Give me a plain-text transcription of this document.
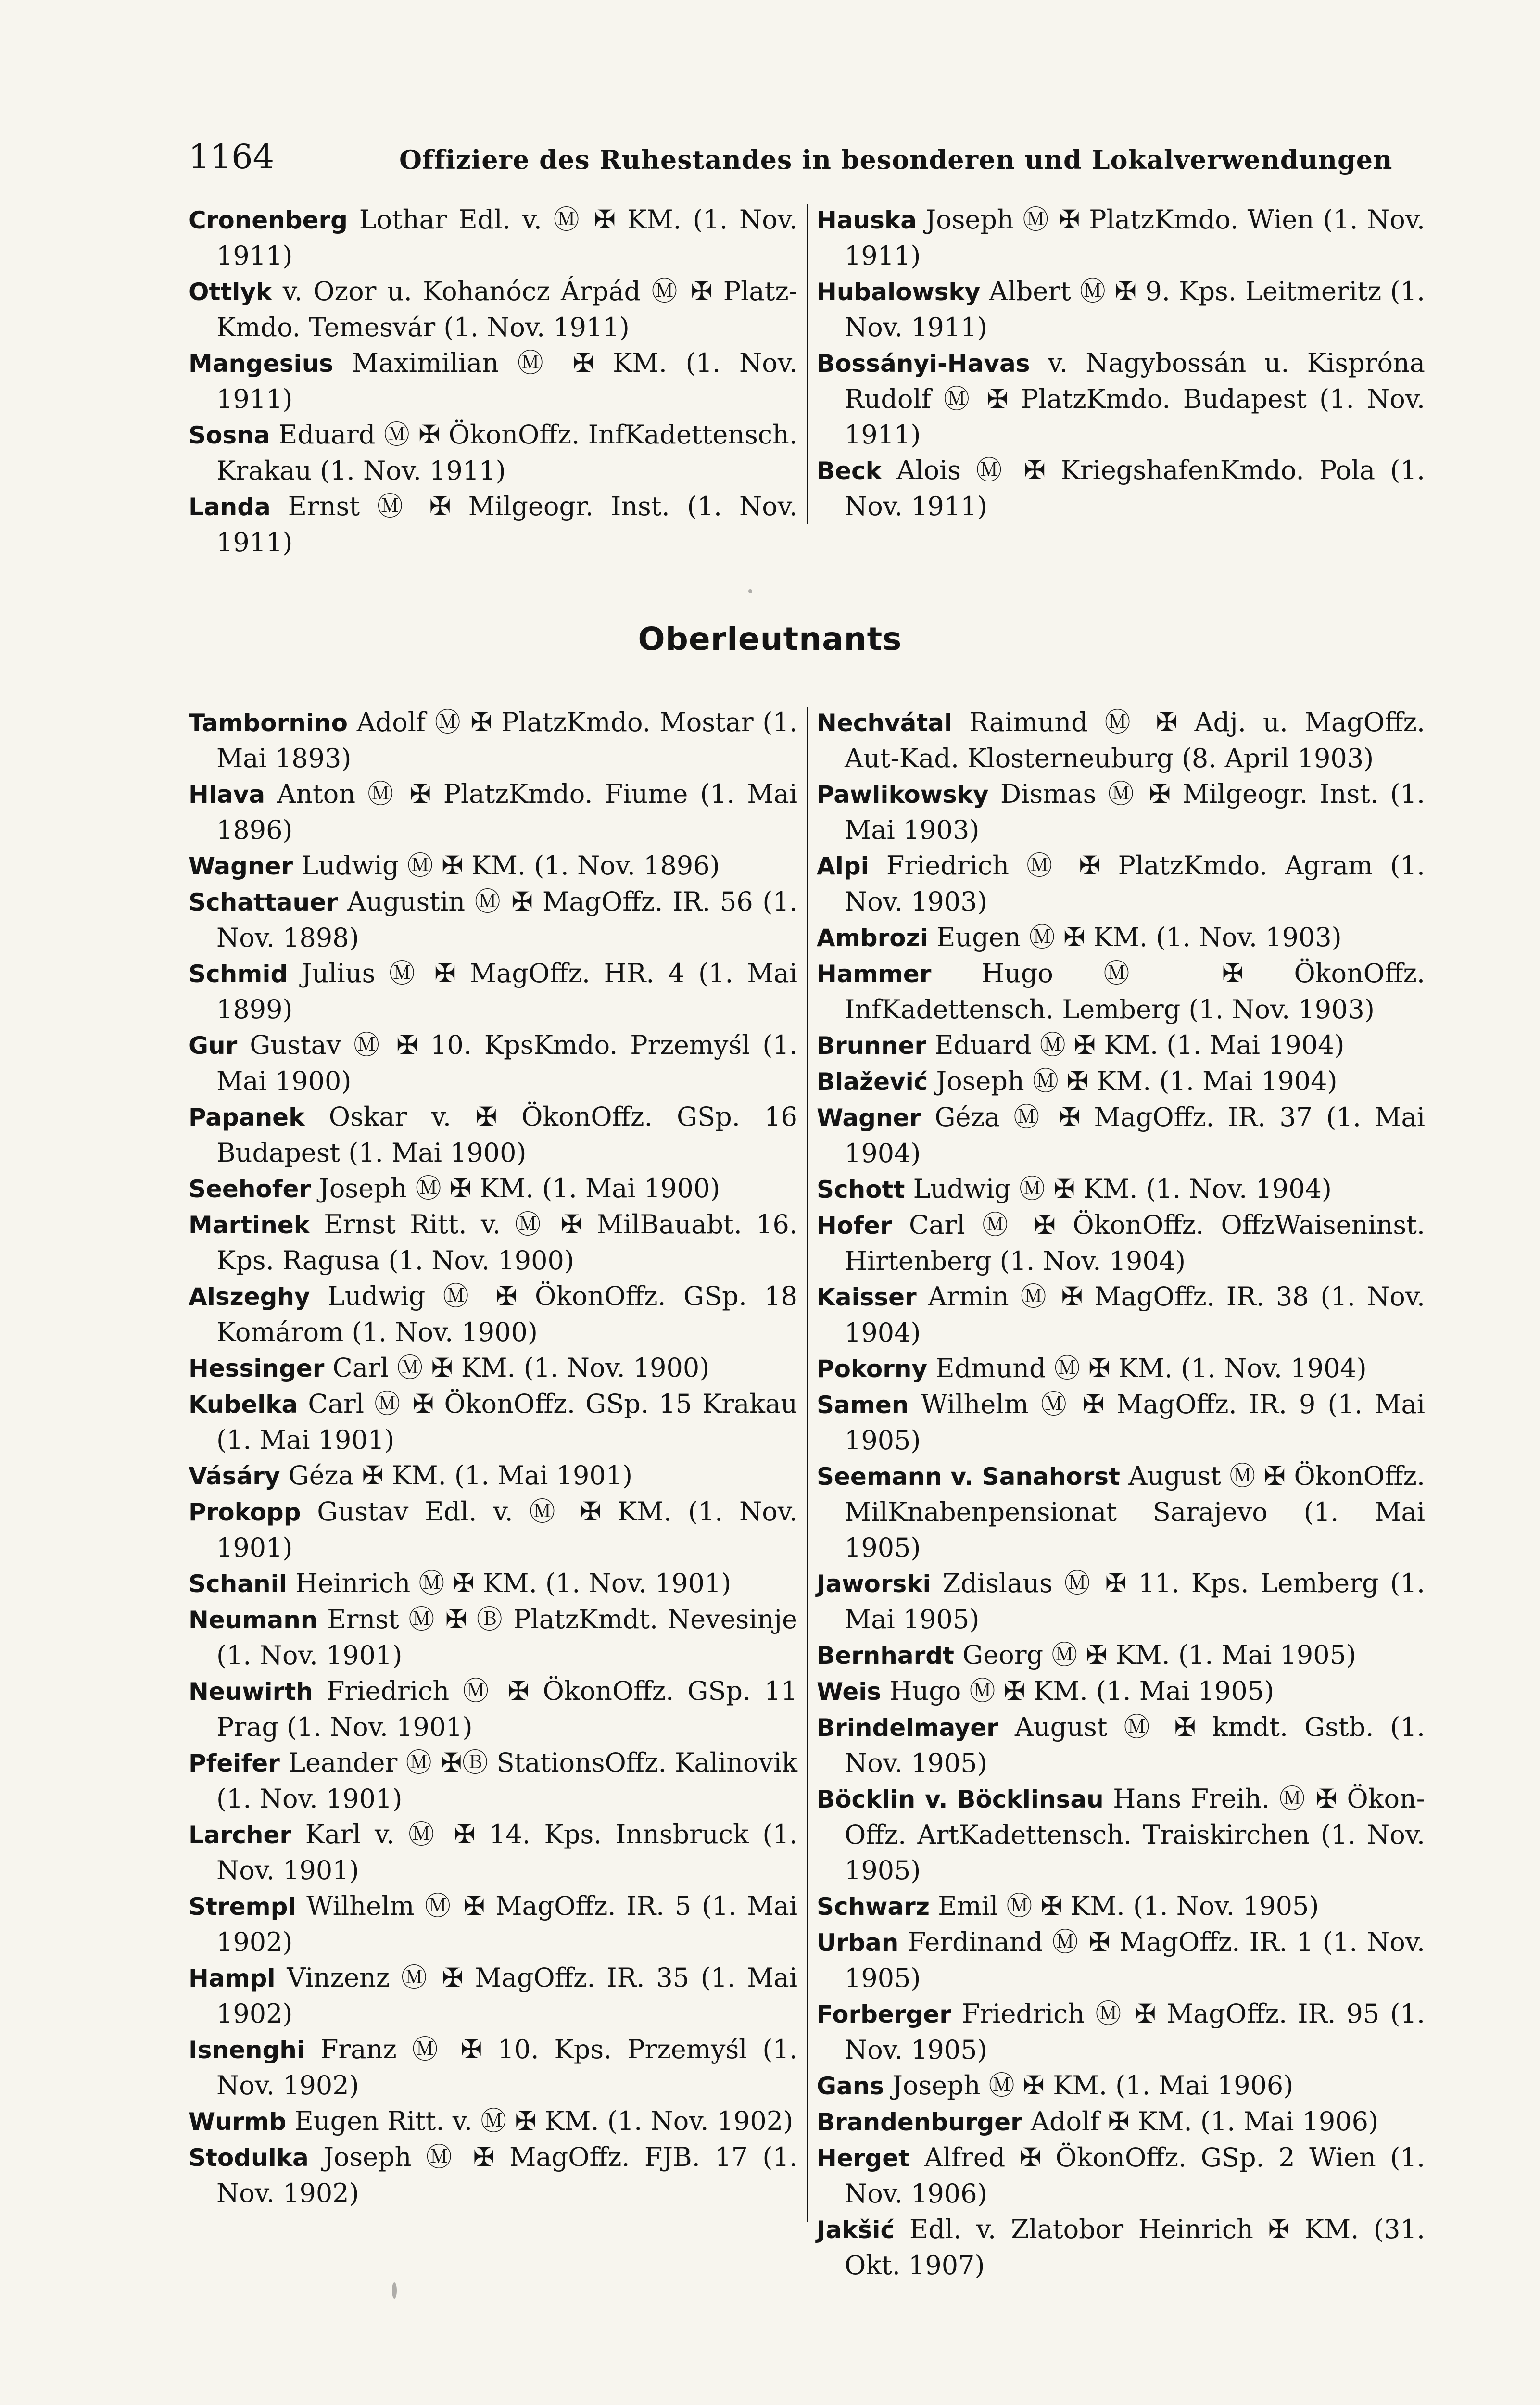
1164	Offiziere des Ruhestandes in besonderen und Lokalverwendungen
Cronenberg Lothar Edl. v. Ⓜ ✠ KM. (1. Nov. 1911)
Ottlyk v. Ozor u. Kohanócz Árpád Ⓜ ✠ Platz-Kmdo. Temesvár (1. Nov. 1911)
Mangesius Maximilian Ⓜ ✠ KM. (1. Nov. 1911)
Sosna Eduard Ⓜ ✠ ÖkonOffz. InfKadettensch. Krakau (1. Nov. 1911)
Landa Ernst Ⓜ ✠ Milgeogr. Inst. (1. Nov. 1911)
Hauska Joseph Ⓜ ✠ PlatzKmdo. Wien (1. Nov. 1911)
Hubalowsky Albert Ⓜ ✠ 9. Kps. Leitmeritz (1. Nov. 1911)
Bossányi-Havas v. Nagybossán u. Kisprόna Rudolf Ⓜ ✠ PlatzKmdo. Budapest (1. Nov. 1911)
Beck Alois Ⓜ ✠ KriegshafenKmdo. Pola (1. Nov. 1911)
Oberleutnants
Tambornino Adolf Ⓜ ✠ PlatzKmdo. Mostar (1. Mai 1893)
Hlava Anton Ⓜ ✠ PlatzKmdo. Fiume (1. Mai 1896)
Wagner Ludwig Ⓜ ✠ KM. (1. Nov. 1896)
Schattauer Augustin Ⓜ ✠ MagOffz. IR. 56 (1. Nov. 1898)
Schmid Julius Ⓜ ✠ MagOffz. HR. 4 (1. Mai 1899)
Gur Gustav Ⓜ ✠ 10. KpsKmdo. Przemyśl (1. Mai 1900)
Papanek Oskar v. ✠ ÖkonOffz. GSp. 16 Budapest (1. Mai 1900)
Seehofer Joseph Ⓜ ✠ KM. (1. Mai 1900)
Martinek Ernst Ritt. v. Ⓜ ✠ MilBauabt. 16. Kps. Ragusa (1. Nov. 1900)
Alszeghy Ludwig Ⓜ ✠ ÖkonOffz. GSp. 18 Komárom (1. Nov. 1900)
Hessinger Carl Ⓜ ✠ KM. (1. Nov. 1900)
Kubelka Carl Ⓜ ✠ ÖkonOffz. GSp. 15 Krakau (1. Mai 1901)
Vásáry Géza ✠ KM. (1. Mai 1901)
Prokopp Gustav Edl. v. Ⓜ ✠ KM. (1. Nov. 1901)
Schanil Heinrich Ⓜ ✠ KM. (1. Nov. 1901)
Neumann Ernst Ⓜ ✠ Ⓑ PlatzKmdt. Nevesinje (1. Nov. 1901)
Neuwirth Friedrich Ⓜ ✠ ÖkonOffz. GSp. 11 Prag (1. Nov. 1901)
Pfeifer Leander Ⓜ ✠Ⓑ StationsOffz. Kalinovik (1. Nov. 1901)
Larcher Karl v. Ⓜ ✠ 14. Kps. Innsbruck (1. Nov. 1901)
Strempl Wilhelm Ⓜ ✠ MagOffz. IR. 5 (1. Mai 1902)
Hampl Vinzenz Ⓜ ✠ MagOffz. IR. 35 (1. Mai 1902)
Isnenghi Franz Ⓜ ✠ 10. Kps. Przemyśl (1. Nov. 1902)
Wurmb Eugen Ritt. v. Ⓜ ✠ KM. (1. Nov. 1902)
Stodulka Joseph Ⓜ ✠ MagOffz. FJB. 17 (1. Nov. 1902)
Nechvátal Raimund Ⓜ ✠ Adj. u. MagOffz. Aut-Kad. Klosterneuburg (8. April 1903)
Pawlikowsky Dismas Ⓜ ✠ Milgeogr. Inst. (1. Mai 1903)
Alpi Friedrich Ⓜ ✠ PlatzKmdo. Agram (1. Nov. 1903)
Ambrozi Eugen Ⓜ ✠ KM. (1. Nov. 1903)
Hammer Hugo Ⓜ ✠ ÖkonOffz. InfKadettensch. Lemberg (1. Nov. 1903)
Brunner Eduard Ⓜ ✠ KM. (1. Mai 1904)
Blažević Joseph Ⓜ ✠ KM. (1. Mai 1904)
Wagner Géza Ⓜ ✠ MagOffz. IR. 37 (1. Mai 1904)
Schott Ludwig Ⓜ ✠ KM. (1. Nov. 1904)
Hofer Carl Ⓜ ✠ ÖkonOffz. OffzWaiseninst. Hirtenberg (1. Nov. 1904)
Kaisser Armin Ⓜ ✠ MagOffz. IR. 38 (1. Nov. 1904)
Pokorny Edmund Ⓜ ✠ KM. (1. Nov. 1904)
Samen Wilhelm Ⓜ ✠ MagOffz. IR. 9 (1. Mai 1905)
Seemann v. Sanahorst August Ⓜ ✠ ÖkonOffz. MilKnabenpensionat Sarajevo (1. Mai 1905)
Jaworski Zdislaus Ⓜ ✠ 11. Kps. Lemberg (1. Mai 1905)
Bernhardt Georg Ⓜ ✠ KM. (1. Mai 1905)
Weis Hugo Ⓜ ✠ KM. (1. Mai 1905)
Brindelmayer August Ⓜ ✠ kmdt. Gstb. (1. Nov. 1905)
Böcklin v. Böcklinsau Hans Freih. Ⓜ ✠ Ökon-Offz. ArtKadettensch. Traiskirchen (1. Nov. 1905)
Schwarz Emil Ⓜ ✠ KM. (1. Nov. 1905)
Urban Ferdinand Ⓜ ✠ MagOffz. IR. 1 (1. Nov. 1905)
Forberger Friedrich Ⓜ ✠ MagOffz. IR. 95 (1. Nov. 1905)
Gans Joseph Ⓜ ✠ KM. (1. Mai 1906)
Brandenburger Adolf ✠ KM. (1. Mai 1906)
Herget Alfred ✠ ÖkonOffz. GSp. 2 Wien (1. Nov. 1906)
Jakšić Edl. v. Zlatobor Heinrich ✠ KM. (31. Okt. 1907)
